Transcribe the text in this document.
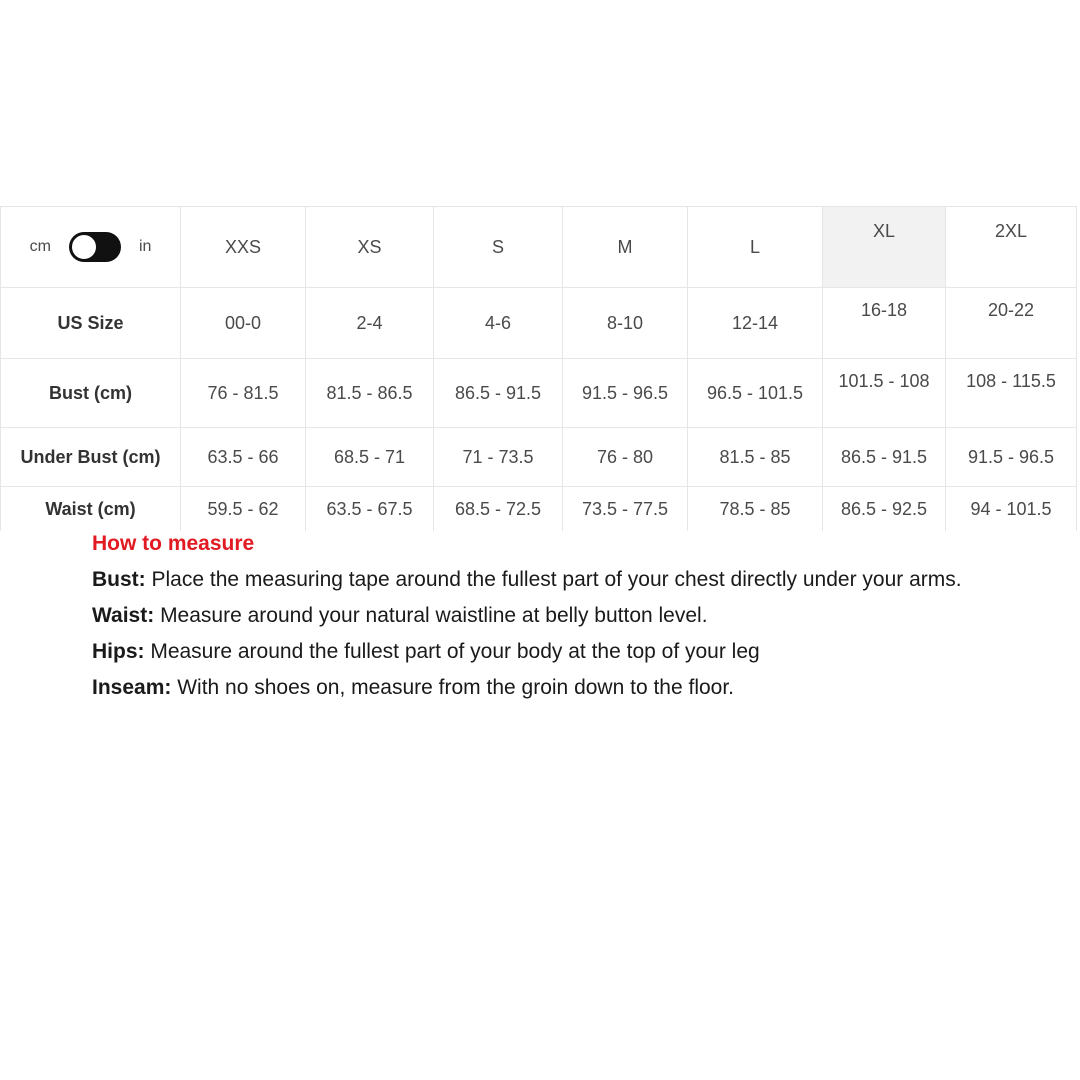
cm in	XXS	XS	S	M	L	XL	2XL
US Size	00-0	2-4	4-6	8-10	12-14	16-18	20-22
Bust (cm)	76 - 81.5	81.5 - 86.5	86.5 - 91.5	91.5 - 96.5	96.5 - 101.5	101.5 - 108	108 - 115.5
Under Bust (cm)	63.5 - 66	68.5 - 71	71 - 73.5	76 - 80	81.5 - 85	86.5 - 91.5	91.5 - 96.5
Waist (cm)	59.5 - 62	63.5 - 67.5	68.5 - 72.5	73.5 - 77.5	78.5 - 85	86.5 - 92.5	94 - 101.5
How to measure
Bust: Place the measuring tape around the fullest part of your chest directly under your arms.
Waist: Measure around your natural waistline at belly button level.
Hips: Measure around the fullest part of your body at the top of your leg
Inseam: With no shoes on, measure from the groin down to the floor.
